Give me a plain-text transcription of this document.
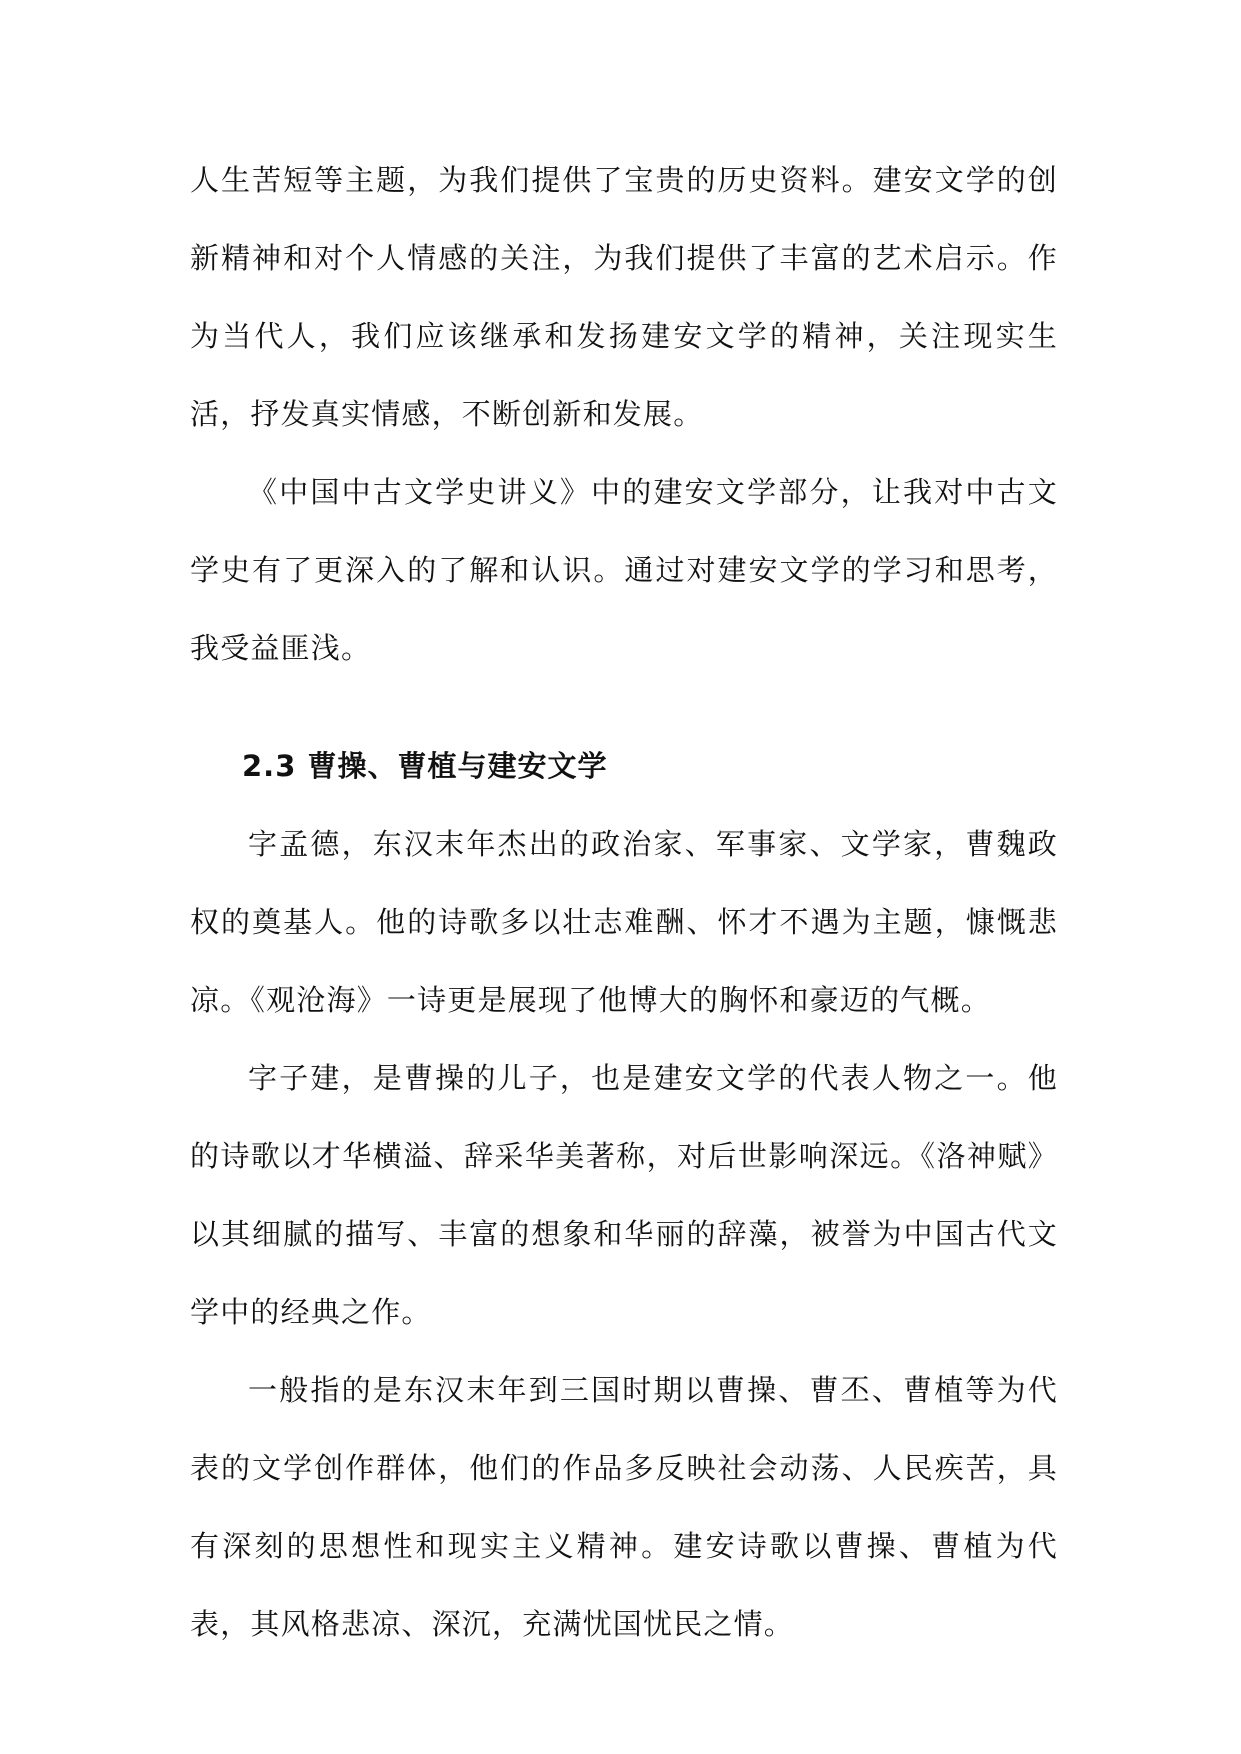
人生苦短等主题，为我们提供了宝贵的历史资料。建安文学的创新精神和对个人情感的关注，为我们提供了丰富的艺术启示。作为当代人，我们应该继承和发扬建安文学的精神，关注现实生活，抒发真实情感，不断创新和发展。

《中国中古文学史讲义》中的建安文学部分，让我对中古文学史有了更深入的了解和认识。通过对建安文学的学习和思考，我受益匪浅。

2.3 曹操、曹植与建安文学

字孟德，东汉末年杰出的政治家、军事家、文学家，曹魏政权的奠基人。他的诗歌多以壮志难酬、怀才不遇为主题，慷慨悲凉。《观沧海》一诗更是展现了他博大的胸怀和豪迈的气概。

字子建，是曹操的儿子，也是建安文学的代表人物之一。他的诗歌以才华横溢、辞采华美著称，对后世影响深远。《洛神赋》以其细腻的描写、丰富的想象和华丽的辞藻，被誉为中国古代文学中的经典之作。

一般指的是东汉末年到三国时期以曹操、曹丕、曹植等为代表的文学创作群体，他们的作品多反映社会动荡、人民疾苦，具有深刻的思想性和现实主义精神。建安诗歌以曹操、曹植为代表，其风格悲凉、深沉，充满忧国忧民之情。
